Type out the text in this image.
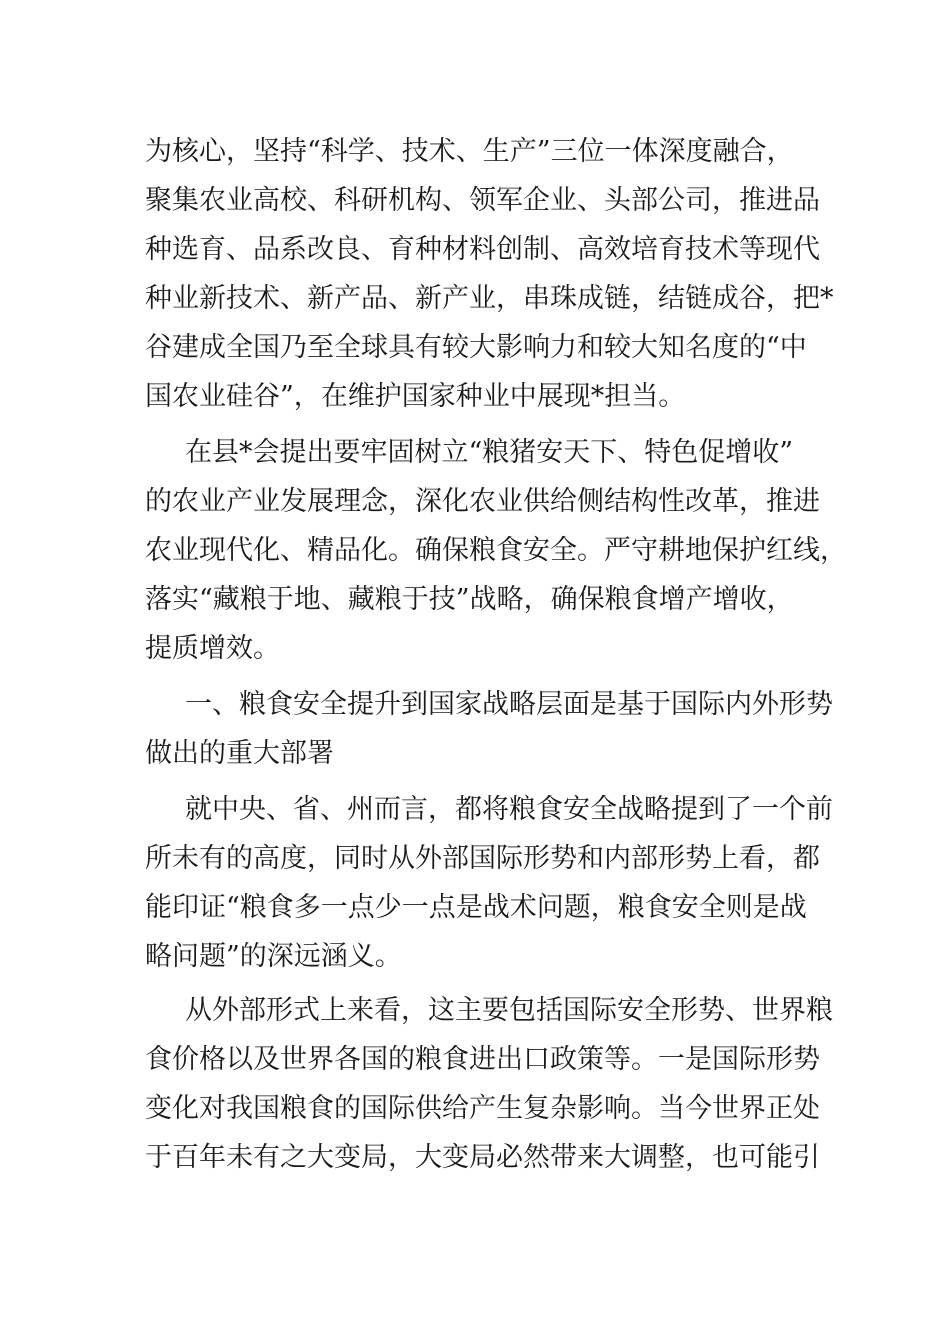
为核心，坚持“科学、技术、生产”三位一体深度融合，
聚集农业高校、科研机构、领军企业、头部公司，推进品
种选育、品系改良、育种材料创制、高效培育技术等现代
种业新技术、新产品、新产业，串珠成链，结链成谷，把*
谷建成全国乃至全球具有较大影响力和较大知名度的“中
国农业硅谷”，在维护国家种业中展现*担当。
在县*会提出要牢固树立“粮猪安天下、特色促增收”
的农业产业发展理念，深化农业供给侧结构性改革，推进
农业现代化、精品化。确保粮食安全。严守耕地保护红线，
落实“藏粮于地、藏粮于技”战略，确保粮食增产增收，
提质增效。
一、粮食安全提升到国家战略层面是基于国际内外形势
做出的重大部署
就中央、省、州而言，都将粮食安全战略提到了一个前
所未有的高度，同时从外部国际形势和内部形势上看，都
能印证“粮食多一点少一点是战术问题，粮食安全则是战
略问题”的深远涵义。
从外部形式上来看，这主要包括国际安全形势、世界粮
食价格以及世界各国的粮食进出口政策等。一是国际形势
变化对我国粮食的国际供给产生复杂影响。当今世界正处
于百年未有之大变局，大变局必然带来大调整，也可能引
